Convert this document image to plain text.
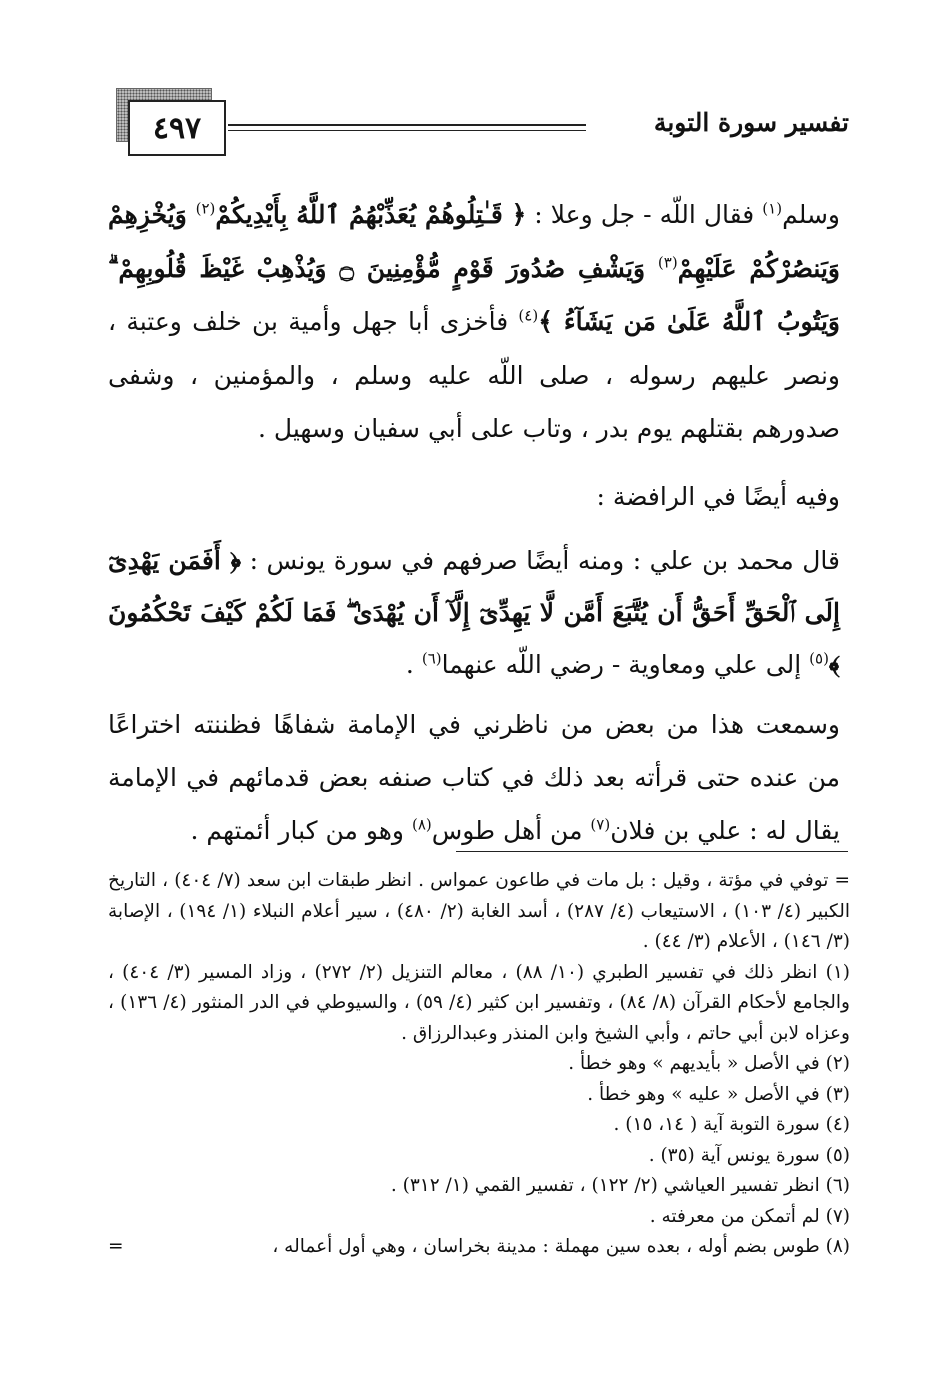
٤٩٧	تفسير سورة التوبة
وسلم$^{(١)}$ فقال اللّه - جل وعلا : ﴿ قَـٰتِلُوهُمْ يُعَذِّبْهُمُ ٱللَّهُ بِأَيْدِيكُمْ$^{(٢)}$ وَيُخْزِهِمْ وَيَنصُرْكُمْ عَلَيْهِمْ$^{(٣)}$ وَيَشْفِ صُدُورَ قَوْمٍ مُّؤْمِنِينَ ۝ وَيُذْهِبْ غَيْظَ قُلُوبِهِمْ ۗ وَيَتُوبُ ٱللَّهُ عَلَىٰ مَن يَشَآءُ ﴾$^{(٤)}$ فأخزى أبا جهل وأمية بن خلف وعتبة ، ونصر عليهم رسوله ، صلى اللّه عليه وسلم ، والمؤمنين ، وشفى صدورهم بقتلهم يوم بدر ، وتاب على أبي سفيان وسهيل .
وفيه أيضًا في الرافضة :
قال محمد بن علي : ومنه أيضًا صرفهم في سورة يونس : ﴿ أَفَمَن يَهْدِىٓ إِلَى ٱلْحَقِّ أَحَقُّ أَن يُتَّبَعَ أَمَّن لَّا يَهِدِّىٓ إِلَّآ أَن يُهْدَىٰ ۖ فَمَا لَكُمْ كَيْفَ تَحْكُمُونَ ﴾$^{(٥)}$ إلى علي ومعاوية - رضي اللّه عنهما$^{(٦)}$ .
وسمعت هذا من بعض من ناظرني في الإمامة شفاهًا فظننته اختراعًا من عنده حتى قرأته بعد ذلك في كتاب صنفه بعض قدمائهم في الإمامة يقال له : علي بن فلان$^{(٧)}$ من أهل طوس$^{(٨)}$ وهو من كبار أئمتهم .

= توفي في مؤتة ، وقيل : بل مات في طاعون عمواس . انظر طبقات ابن سعد (٧/ ٤٠٤) ، التاريخ الكبير (٤/ ١٠٣) ، الاستيعاب (٤/ ٢٨٧) ، أسد الغابة (٢/ ٤٨٠) ، سير أعلام النبلاء (١/ ١٩٤) ، الإصابة (٣/ ١٤٦) ، الأعلام (٣/ ٤٤) .

(١) انظر ذلك في تفسير الطبري (١٠/ ٨٨) ، معالم التنزيل (٢/ ٢٧٢) ، وزاد المسير (٣/ ٤٠٤) ، والجامع لأحكام القرآن (٨/ ٨٤) ، وتفسير ابن كثير (٤/ ٥٩) ، والسيوطي في الدر المنثور (٤/ ١٣٦) ، وعزاه لابن أبي حاتم ، وأبي الشيخ وابن المنذر وعبدالرزاق .

(٢) في الأصل « بأيديهم » وهو خطأ .

(٣) في الأصل « عليه » وهو خطأ .

(٤) سورة التوبة آية ( ١٤، ١٥) .

(٥) سورة يونس آية (٣٥) .

(٦) انظر تفسير العياشي (٢/ ١٢٢) ، تفسير القمي (١/ ٣١٢) .

(٧) لم أتمكن من معرفته .

(٨) طوس بضم أوله ، بعده سين مهملة : مدينة بخراسان ، وهي أول أعماله ،
=
